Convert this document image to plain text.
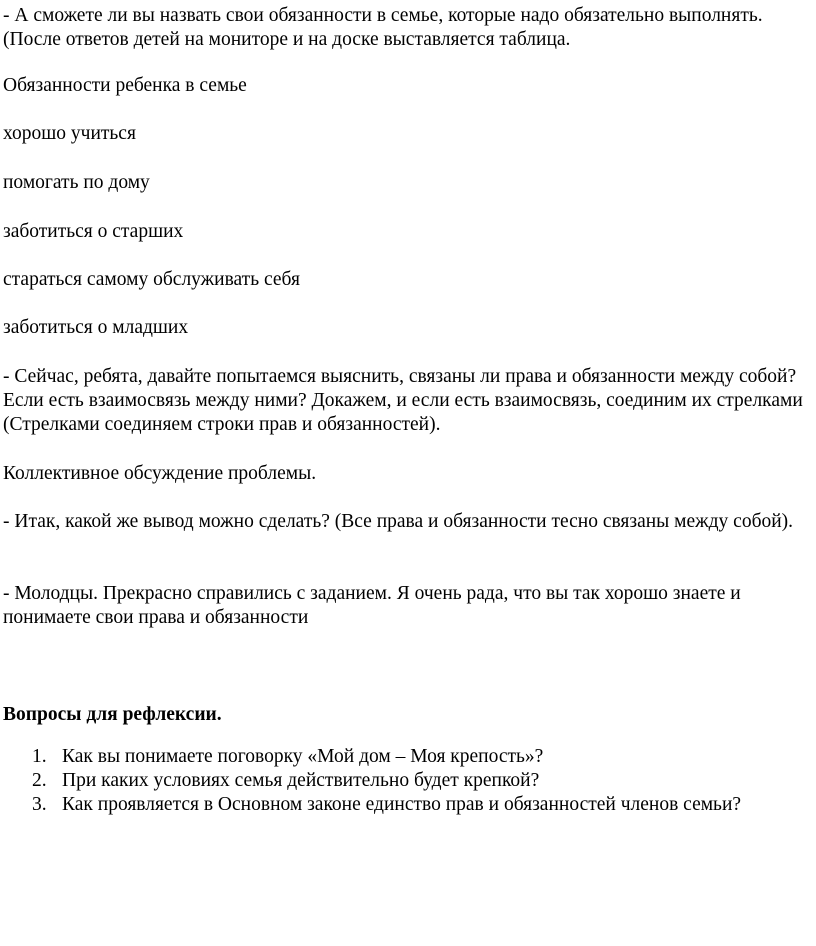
- А сможете ли вы назвать свои обязанности в семье, которые надо обязательно выполнять. (После ответов детей на мониторе и на доске выставляется таблица.

Обязанности ребенка в семье

хорошо учиться

помогать по дому

заботиться о старших

стараться самому обслуживать себя

заботиться о младших

- Сейчас, ребята, давайте попытаемся выяснить, связаны ли права и обязанности между собой? Если есть взаимосвязь между ними? Докажем, и если есть взаимосвязь, соединим их стрелками (Стрелками соединяем строки прав и обязанностей).

Коллективное обсуждение проблемы.

- Итак, какой же вывод можно сделать? (Все права и обязанности тесно связаны между собой).

- Молодцы. Прекрасно справились с заданием. Я очень рада, что вы так хорошо знаете и понимаете свои права и обязанности

Вопросы для рефлексии.

1. Как вы понимаете поговорку «Мой дом – Моя крепость»?
2. При каких условиях семья действительно будет крепкой?
3. Как проявляется в Основном законе единство прав и обязанностей членов семьи?
